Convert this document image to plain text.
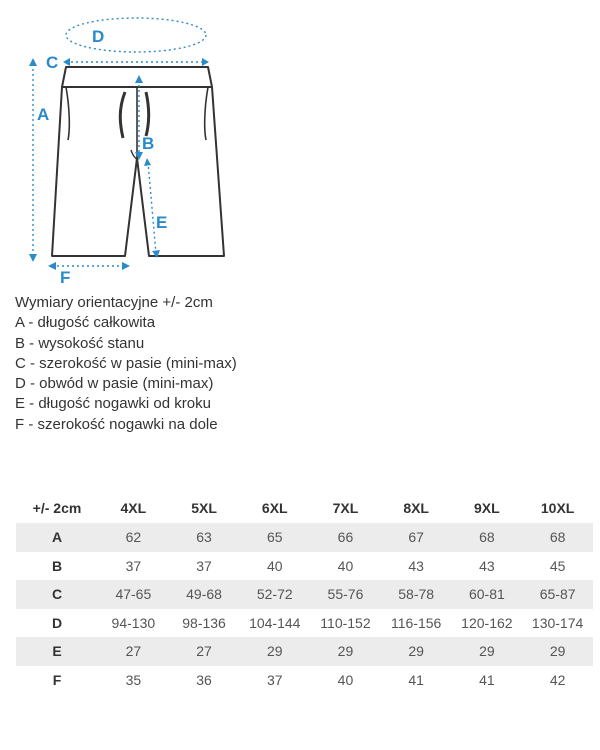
D
C
A
B
E
F
Wymiary orientacyjne +/- 2cm
A - długość całkowita
B - wysokość stanu
C - szerokość w pasie (mini-max)
D - obwód w pasie (mini-max)
E - długość nogawki od kroku
F - szerokość nogawki na dole
+/- 2cm	4XL	5XL	6XL	7XL	8XL	9XL	10XL
A	62	63	65	66	67	68	68
B	37	37	40	40	43	43	45
C	47-65	49-68	52-72	55-76	58-78	60-81	65-87
D	94-130	98-136	104-144	110-152	116-156	120-162	130-174
E	27	27	29	29	29	29	29
F	35	36	37	40	41	41	42
